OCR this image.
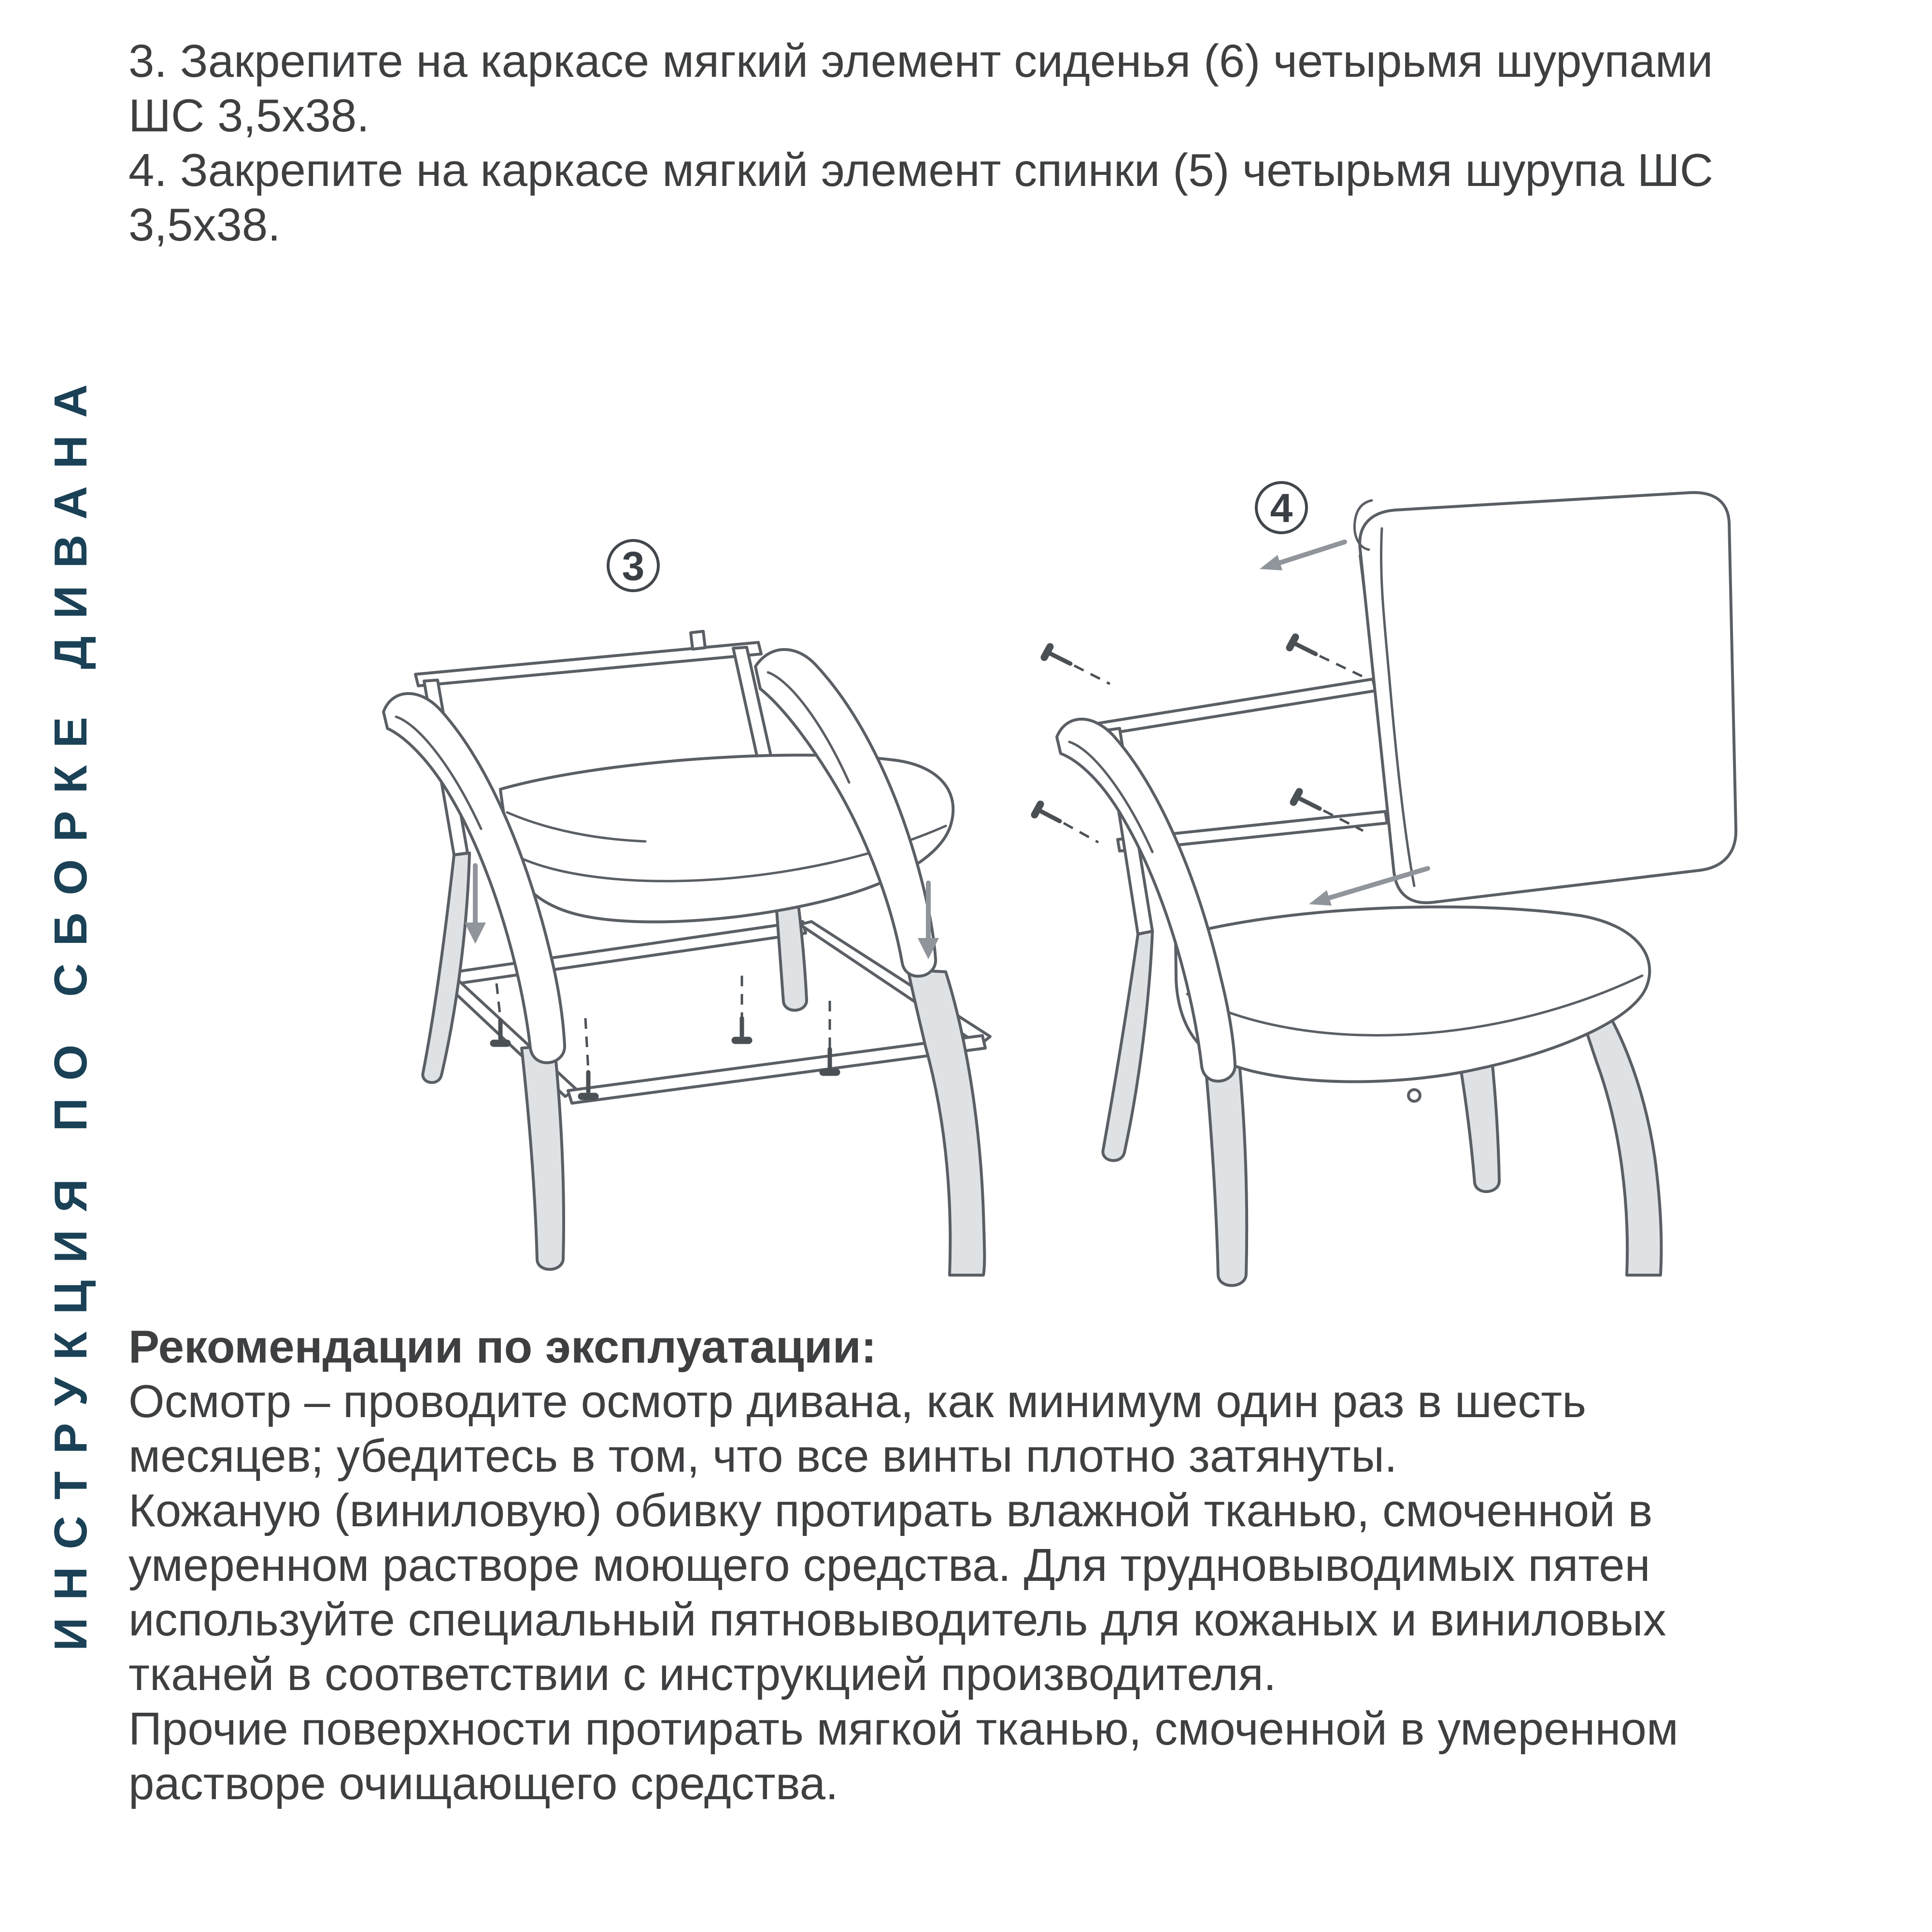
3. Закрепите на каркасе мягкий элемент сиденья (6) четырьмя шурупами
ШС 3,5х38.
4. Закрепите на каркасе мягкий элемент спинки (5) четырьмя шурупа ШС
3,5х38.
ИНСТРУКЦИЯ ПО СБОРКЕ ДИВАНА	3
4
Рекомендации по эксплуатации:
Осмотр – проводите осмотр дивана, как минимум один раз в шесть
месяцев; убедитесь в том, что все винты плотно затянуты.
Кожаную (виниловую) обивку протирать влажной тканью, смоченной в
умеренном растворе моющего средства. Для трудновыводимых пятен
используйте специальный пятновыводитель для кожаных и виниловых
тканей в соответствии с инструкцией производителя.
Прочие поверхности протирать мягкой тканью, смоченной в умеренном
растворе очищающего средства.
